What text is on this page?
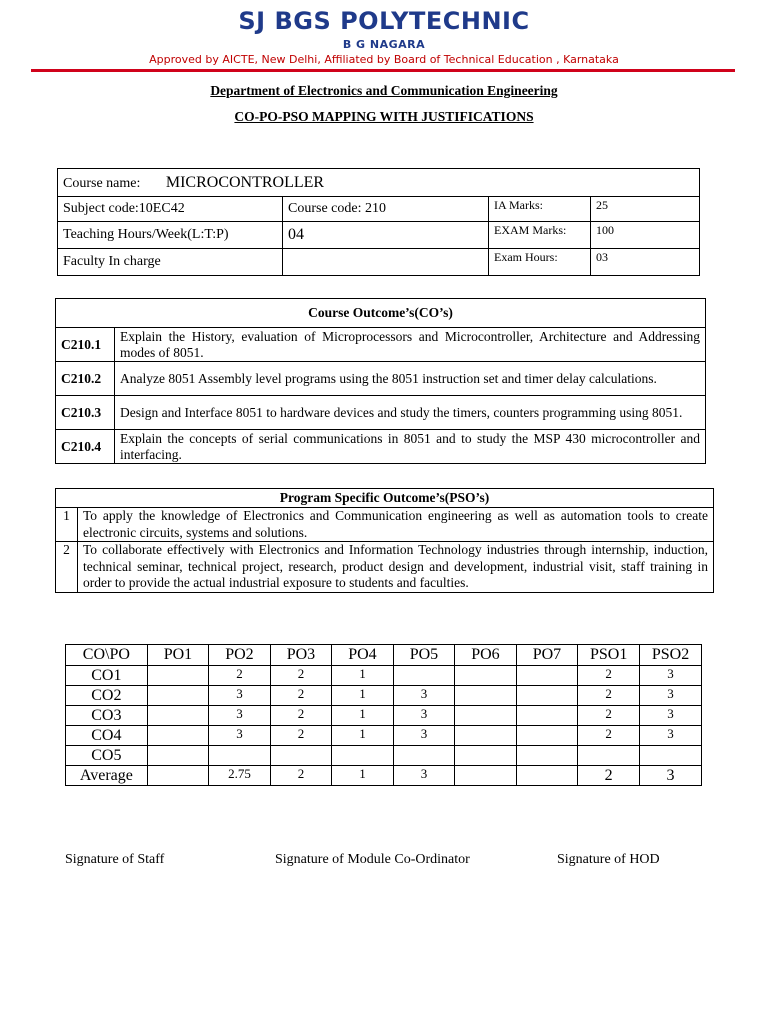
SJ BGS POLYTECHNIC
B G NAGARA
Approved by AICTE, New Delhi, Affiliated by Board of Technical Education , Karnataka
Department of Electronics and Communication Engineering
CO-PO-PSO MAPPING WITH JUSTIFICATIONS
Course name: MICROCONTROLLER			
Subject code:10EC42	Course code: 210	IA Marks:	25
Teaching Hours/Week(L:T:P)	04	EXAM Marks:	100
Faculty In charge		Exam Hours:	03
Course Outcome’s(CO’s)	
C210.1	Explain the History, evaluation of Microprocessors and Microcontroller, Architecture and Addressing modes of 8051.
C210.2	Analyze 8051 Assembly level programs using the 8051 instruction set and timer delay calculations.
C210.3	Design and Interface 8051 to hardware devices and study the timers, counters programming using 8051.
C210.4	Explain the concepts of serial communications in 8051 and to study the MSP 430 microcontroller and interfacing.
Program Specific Outcome’s(PSO’s)	
1	To apply the knowledge of Electronics and Communication engineering as well as automation tools to create electronic circuits, systems and solutions.
2	To collaborate effectively with Electronics and Information Technology industries through internship, induction, technical seminar, technical project, research, product design and development, industrial visit, staff training in order to provide the actual industrial exposure to students and faculties.
CO\PO	PO1	PO2	PO3	PO4	PO5	PO6	PO7	PSO1	PSO2
CO1		2	2	1				2	3
CO2		3	2	1	3			2	3
CO3		3	2	1	3			2	3
CO4		3	2	1	3			2	3
CO5									
Average		2.75	2	1	3			2	3
Signature of Staff	Signature of Module Co-Ordinator	Signature of HOD
